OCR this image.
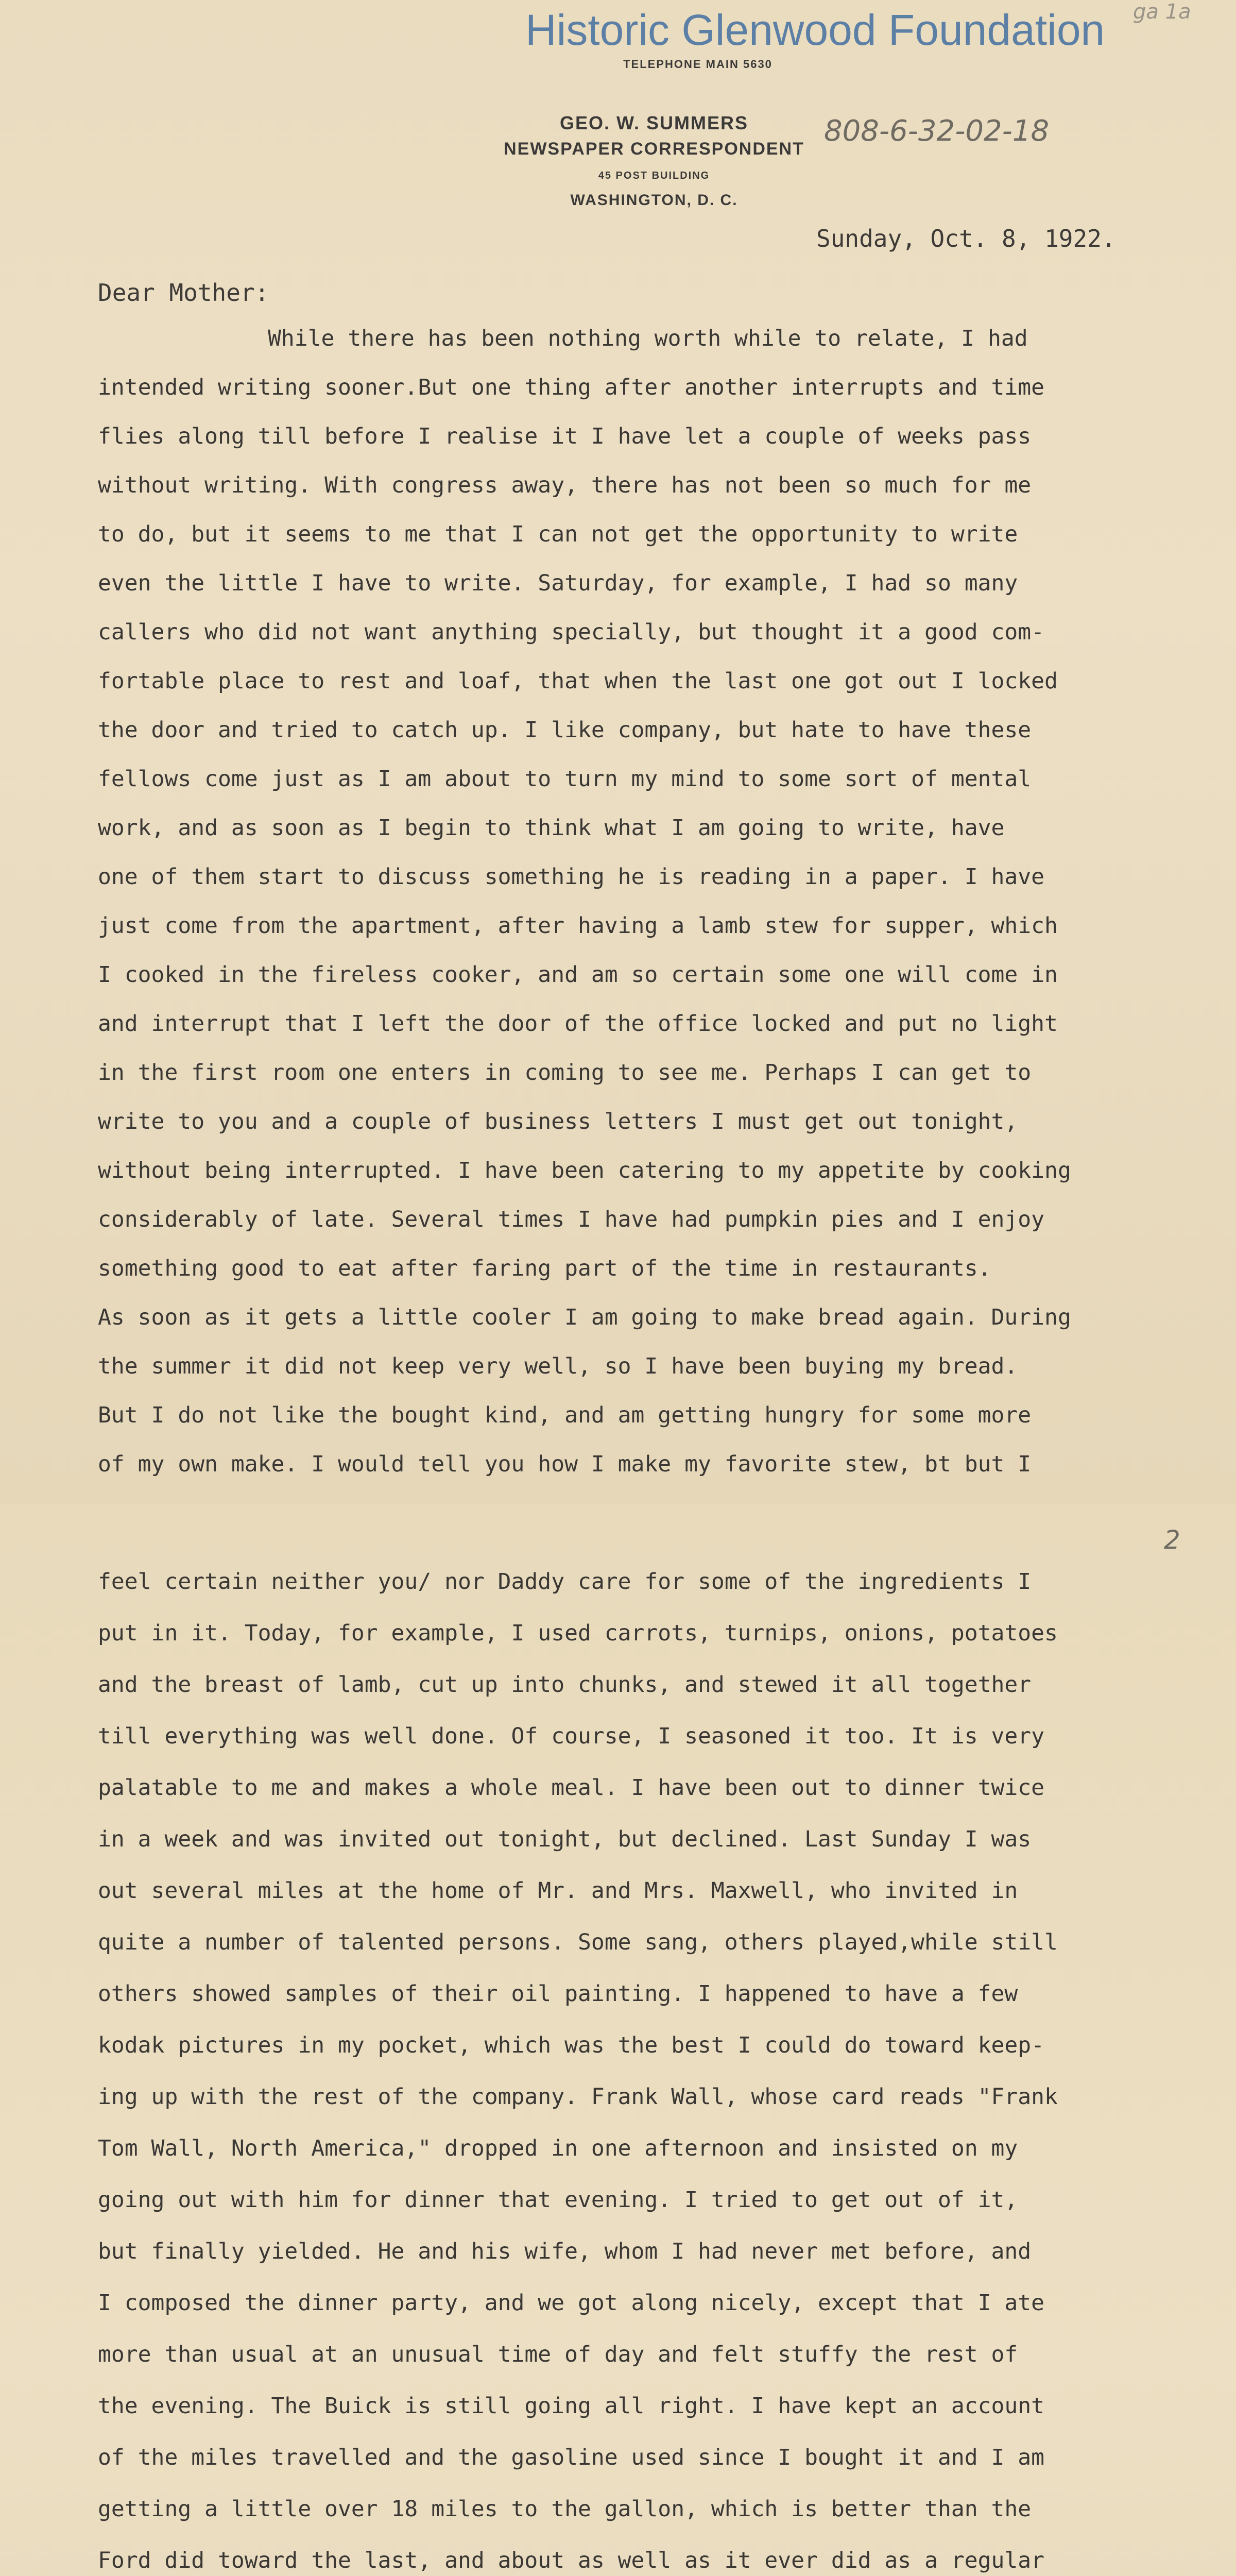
Historic Glenwood Foundation	ga 1a
TELEPHONE MAIN 5630
GEO. W. SUMMERS
NEWSPAPER CORRESPONDENT
45 POST BUILDING
WASHINGTON, D. C.
808-6-32-02-18
Sunday, Oct. 8, 1922.
Dear Mother:
While there has been nothing worth while to relate, I had
intended writing sooner.But one thing after another interrupts and time
flies along till before I realise it I have let a couple of weeks pass
without writing. With congress away, there has not been so much for me
to do, but it seems to me that I can not get the opportunity to write
even the little I have to write. Saturday, for example, I had so many
callers who did not want anything specially, but thought it a good com-
fortable place to rest and loaf, that when the last one got out I locked
the door and tried to catch up. I like company, but hate to have these
fellows come just as I am about to turn my mind to some sort of mental
work, and as soon as I begin to think what I am going to write, have
one of them start to discuss something he is reading in a paper. I have
just come from the apartment, after having a lamb stew for supper, which
I cooked in the fireless cooker, and am so certain some one will come in
and interrupt that I left the door of the office locked and put no light
in the first room one enters in coming to see me. Perhaps I can get to
write to you and a couple of business letters I must get out tonight,
without being interrupted. I have been catering to my appetite by cooking
considerably of late. Several times I have had pumpkin pies and I enjoy
something good to eat after faring part of the time in restaurants.
As soon as it gets a little cooler I am going to make bread again. During
the summer it did not keep very well, so I have been buying my bread.
But I do not like the bought kind, and am getting hungry for some more
of my own make. I would tell you how I make my favorite stew, bt but I
2
feel certain neither you/ nor Daddy care for some of the ingredients I
put in it. Today, for example, I used carrots, turnips, onions, potatoes
and the breast of lamb, cut up into chunks, and stewed it all together
till everything was well done. Of course, I seasoned it too. It is very
palatable to me and makes a whole meal. I have been out to dinner twice
in a week and was invited out tonight, but declined. Last Sunday I was
out several miles at the home of Mr. and Mrs. Maxwell, who invited in
quite a number of talented persons. Some sang, others played,while still
others showed samples of their oil painting. I happened to have a few
kodak pictures in my pocket, which was the best I could do toward keep-
ing up with the rest of the company. Frank Wall, whose card reads "Frank
Tom Wall, North America," dropped in one afternoon and insisted on my
going out with him for dinner that evening. I tried to get out of it,
but finally yielded. He and his wife, whom I had never met before, and
I composed the dinner party, and we got along nicely, except that I ate
more than usual at an unusual time of day and felt stuffy the rest of
the evening. The Buick is still going all right. I have kept an account
of the miles travelled and the gasoline used since I bought it and I am
getting a little over 18 miles to the gallon, which is better than the
Ford did toward the last, and about as well as it ever did as a regular
